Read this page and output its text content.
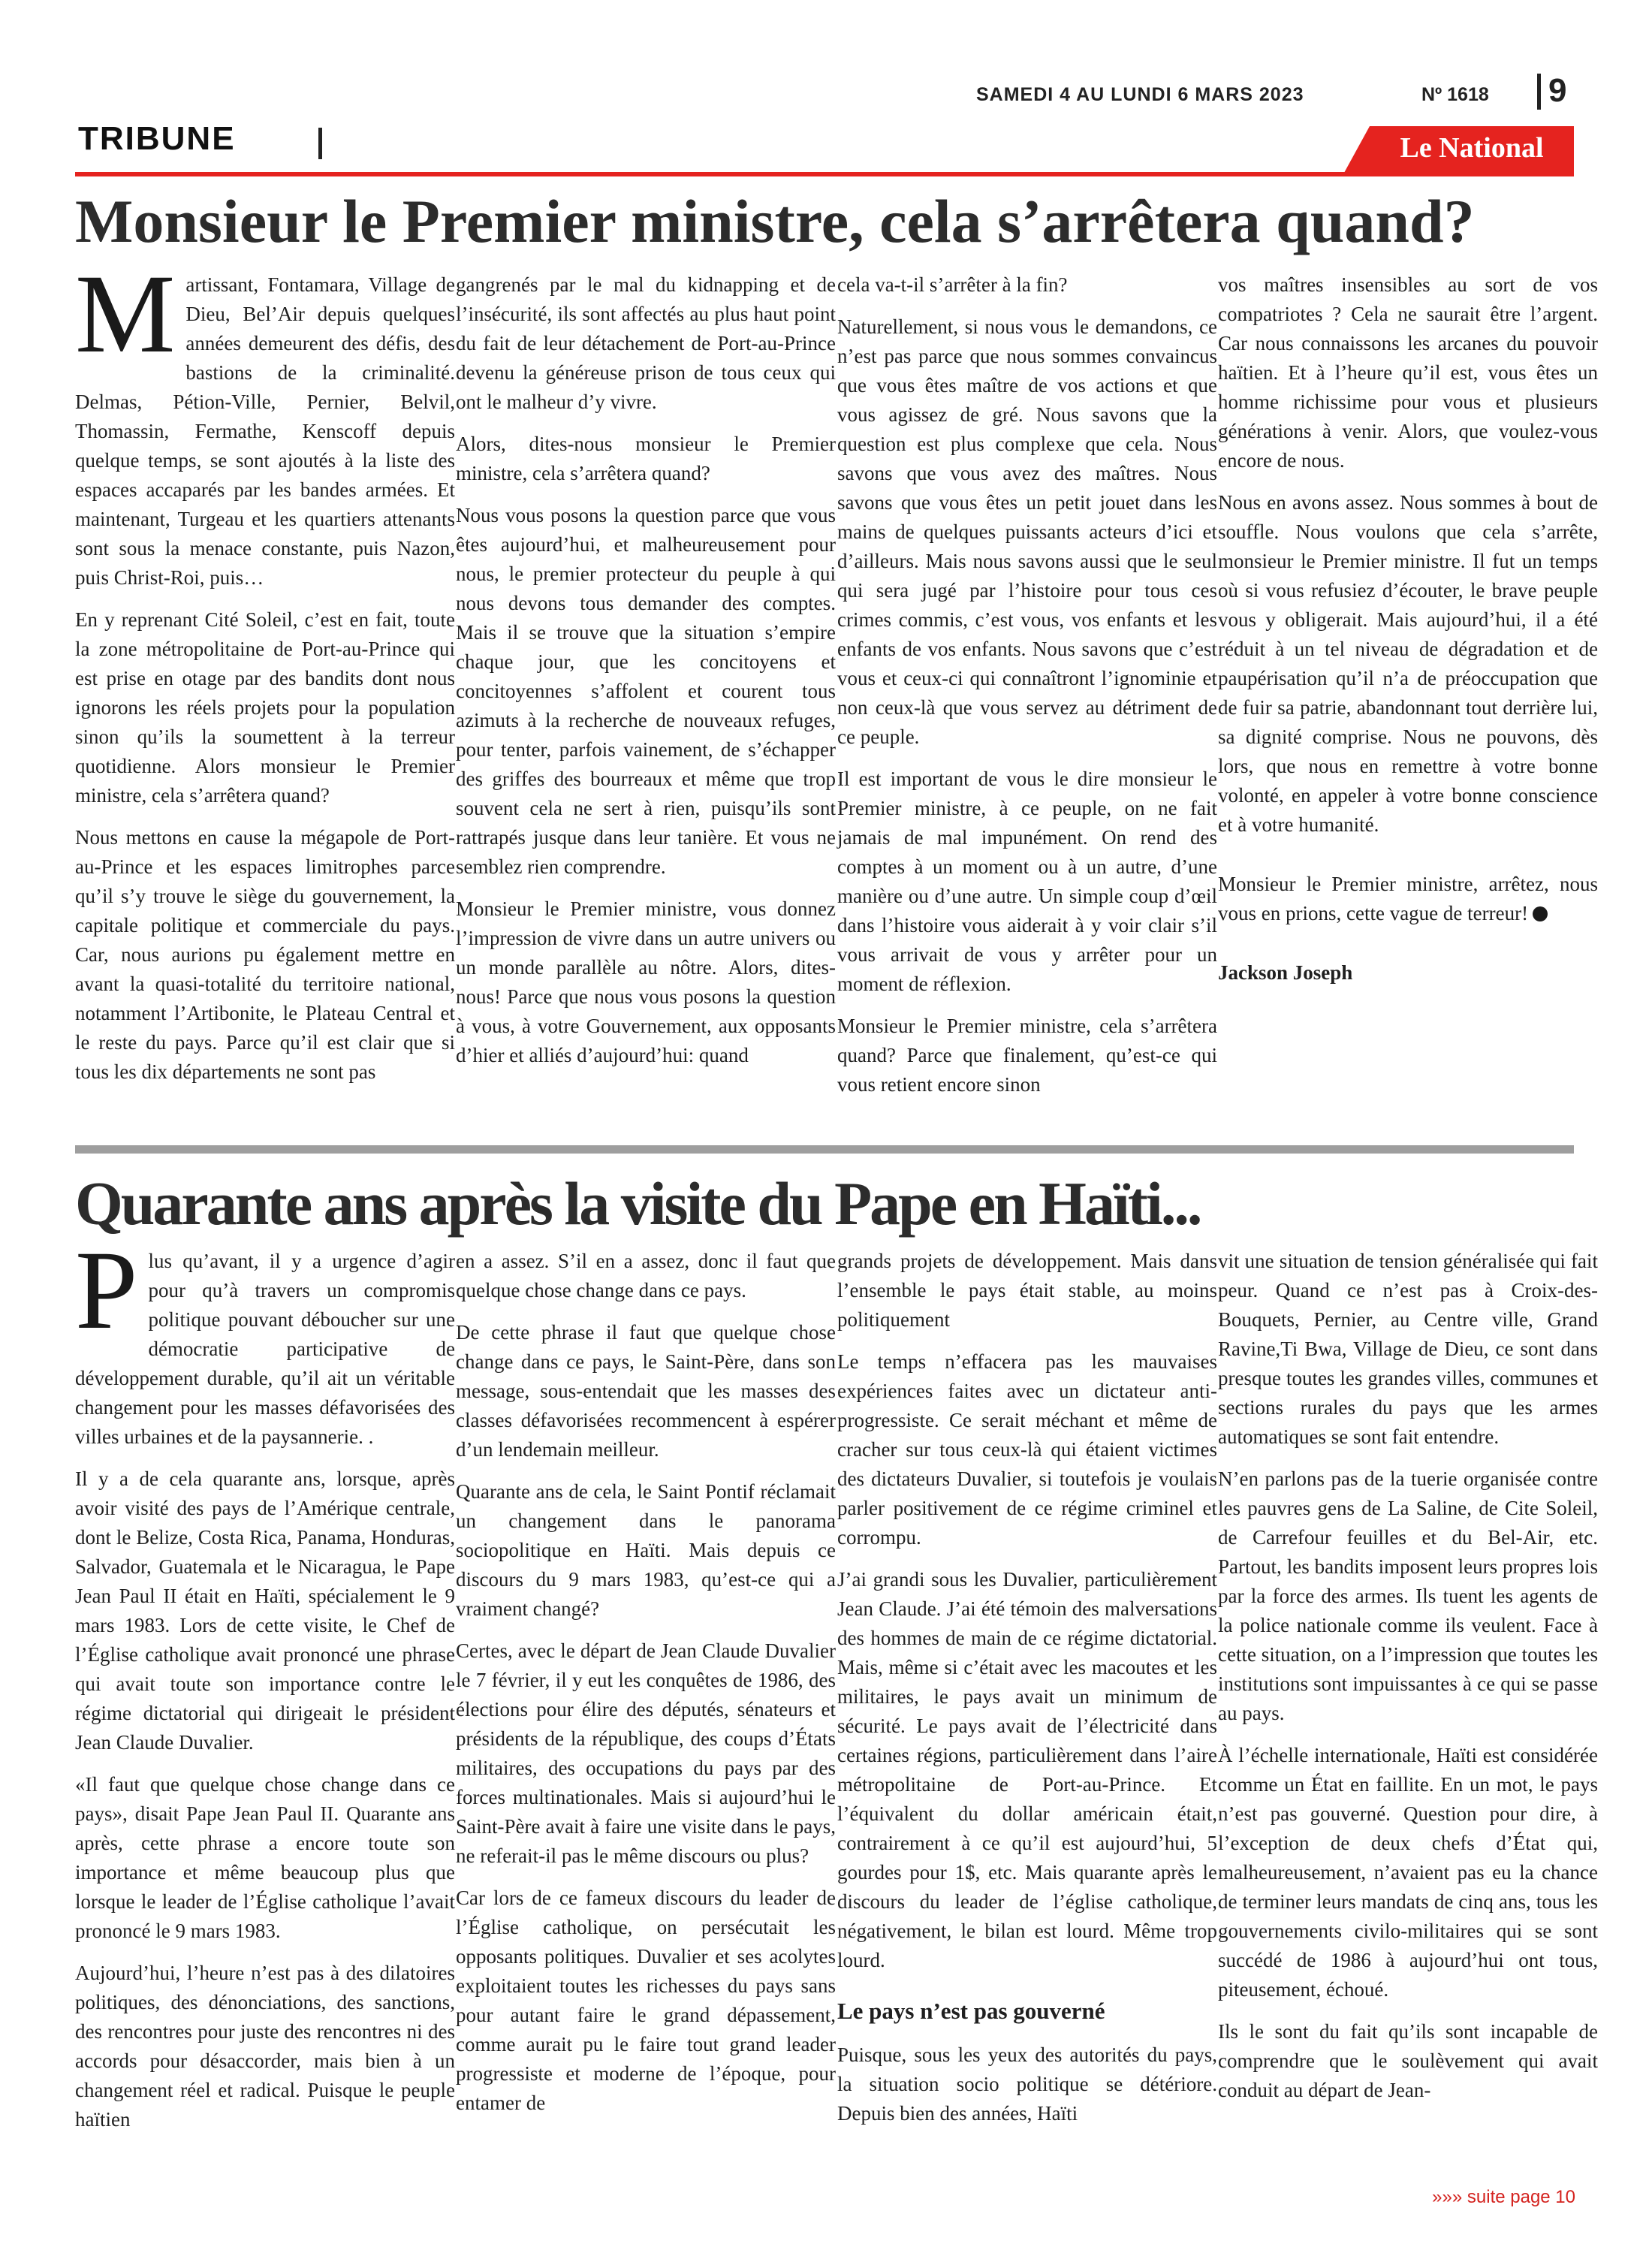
SAMEDI 4 AU LUNDI 6 MARS 2023	Nº 1618 9
TRIBUNE	Le National
Monsieur le Premier ministre, cela s’arrêtera quand?
M artissant, Fontamara, Village de Dieu, Bel’Air depuis quelques années demeurent des défis, des bastions de la criminalité. Delmas, Pétion-Ville, Pernier, Belvil, Thomassin, Fermathe, Kenscoff depuis quelque temps, se sont ajoutés à la liste des espaces accaparés par les bandes armées. Et maintenant, Turgeau et les quartiers attenants sont sous la menace constante, puis Nazon, puis Christ-Roi, puis…

En y reprenant Cité Soleil, c’est en fait, toute la zone métropolitaine de Port-au-Prince qui est prise en otage par des bandits dont nous ignorons les réels projets pour la population sinon qu’ils la soumettent à la terreur quotidienne. Alors monsieur le Premier ministre, cela s’arrêtera quand?

Nous mettons en cause la mégapole de Port-au-Prince et les espaces limitrophes parce qu’il s’y trouve le siège du gouvernement, la capitale politique et commerciale du pays. Car, nous aurions pu également mettre en avant la quasi-totalité du territoire national, notamment l’Artibonite, le Plateau Central et le reste du pays. Parce qu’il est clair que si tous les dix départements ne sont pas

gangrenés par le mal du kidnapping et de l’insécurité, ils sont affectés au plus haut point du fait de leur détachement de Port-au-Prince devenu la généreuse prison de tous ceux qui ont le malheur d’y vivre.

Alors, dites-nous monsieur le Premier ministre, cela s’arrêtera quand?

Nous vous posons la question parce que vous êtes aujourd’hui, et malheureusement pour nous, le premier protecteur du peuple à qui nous devons tous demander des comptes. Mais il se trouve que la situation s’empire chaque jour, que les concitoyens et concitoyennes s’affolent et courent tous azimuts à la recherche de nouveaux refuges, pour tenter, parfois vainement, de s’échapper des griffes des bourreaux et même que trop souvent cela ne sert à rien, puisqu’ils sont rattrapés jusque dans leur tanière. Et vous ne semblez rien comprendre.

Monsieur le Premier ministre, vous donnez l’impression de vivre dans un autre univers ou un monde parallèle au nôtre. Alors, dites-nous! Parce que nous vous posons la question à vous, à votre Gouvernement, aux opposants d’hier et alliés d’aujourd’hui: quand

cela va-t-il s’arrêter à la fin?

Naturellement, si nous vous le demandons, ce n’est pas parce que nous sommes convaincus que vous êtes maître de vos actions et que vous agissez de gré. Nous savons que la question est plus complexe que cela. Nous savons que vous avez des maîtres. Nous savons que vous êtes un petit jouet dans les mains de quelques puissants acteurs d’ici et d’ailleurs. Mais nous savons aussi que le seul qui sera jugé par l’histoire pour tous ces crimes commis, c’est vous, vos enfants et les enfants de vos enfants. Nous savons que c’est vous et ceux-ci qui connaîtront l’ignominie et non ceux-là que vous servez au détriment de ce peuple.

Il est important de vous le dire monsieur le Premier ministre, à ce peuple, on ne fait jamais de mal impunément. On rend des comptes à un moment ou à un autre, d’une manière ou d’une autre. Un simple coup d’œil dans l’histoire vous aiderait à y voir clair s’il vous arrivait de vous y arrêter pour un moment de réflexion.

Monsieur le Premier ministre, cela s’arrêtera quand? Parce que finalement, qu’est-ce qui vous retient encore sinon

vos maîtres insensibles au sort de vos compatriotes ? Cela ne saurait être l’argent. Car nous connaissons les arcanes du pouvoir haïtien. Et à l’heure qu’il est, vous êtes un homme richissime pour vous et plusieurs générations à venir. Alors, que voulez-vous encore de nous.

Nous en avons assez. Nous sommes à bout de souffle. Nous voulons que cela s’arrête, monsieur le Premier ministre. Il fut un temps où si vous refusiez d’écouter, le brave peuple vous y obligerait. Mais aujourd’hui, il a été réduit à un tel niveau de dégradation et de paupérisation qu’il n’a de préoccupation que de fuir sa patrie, abandonnant tout derrière lui, sa dignité comprise. Nous ne pouvons, dès lors, que nous en remettre à votre bonne volonté, en appeler à votre bonne conscience et à votre humanité.

Monsieur le Premier ministre, arrêtez, nous vous en prions, cette vague de terreur!

Jackson Joseph

Quarante ans après la visite du Pape en Haïti...
P lus qu’avant, il y a urgence d’agir pour qu’à travers un compromis politique pouvant déboucher sur une démocratie participative de développement durable, qu’il ait un véritable changement pour les masses défavorisées des villes urbaines et de la paysannerie. .

Il y a de cela quarante ans, lorsque, après avoir visité des pays de l’Amérique centrale, dont le Belize, Costa Rica, Panama, Honduras, Salvador, Guatemala et le Nicaragua, le Pape Jean Paul II était en Haïti, spécialement le 9 mars 1983. Lors de cette visite, le Chef de l’Église catholique avait prononcé une phrase qui avait toute son importance contre le régime dictatorial qui dirigeait le président Jean Claude Duvalier.

«Il faut que quelque chose change dans ce pays», disait Pape Jean Paul II. Quarante ans après, cette phrase a encore toute son importance et même beaucoup plus que lorsque le leader de l’Église catholique l’avait prononcé le 9 mars 1983.

Aujourd’hui, l’heure n’est pas à des dilatoires politiques, des dénonciations, des sanctions, des rencontres pour juste des rencontres ni des accords pour désaccorder, mais bien à un changement réel et radical. Puisque le peuple haïtien

en a assez. S’il en a assez, donc il faut que quelque chose change dans ce pays.

De cette phrase il faut que quelque chose change dans ce pays, le Saint-Père, dans son message, sous-entendait que les masses des classes défavorisées recommencent à espérer d’un lendemain meilleur.

Quarante ans de cela, le Saint Pontif réclamait un changement dans le panorama sociopolitique en Haïti. Mais depuis ce discours du 9 mars 1983, qu’est-ce qui a vraiment changé?

Certes, avec le départ de Jean Claude Duvalier le 7 février, il y eut les conquêtes de 1986, des élections pour élire des députés, sénateurs et présidents de la république, des coups d’États militaires, des occupations du pays par des forces multinationales. Mais si aujourd’hui le Saint-Père avait à faire une visite dans le pays, ne referait-il pas le même discours ou plus?

Car lors de ce fameux discours du leader de l’Église catholique, on persécutait les opposants politiques. Duvalier et ses acolytes exploitaient toutes les richesses du pays sans pour autant faire le grand dépassement, comme aurait pu le faire tout grand leader progressiste et moderne de l’époque, pour entamer de

grands projets de développement. Mais dans l’ensemble le pays était stable, au moins politiquement

Le temps n’effacera pas les mauvaises expériences faites avec un dictateur anti-progressiste. Ce serait méchant et même de cracher sur tous ceux-là qui étaient victimes des dictateurs Duvalier, si toutefois je voulais parler positivement de ce régime criminel et corrompu.

J’ai grandi sous les Duvalier, particulièrement Jean Claude. J’ai été témoin des malversations des hommes de main de ce régime dictatorial. Mais, même si c’était avec les macoutes et les militaires, le pays avait un minimum de sécurité. Le pays avait de l’électricité dans certaines régions, particulièrement dans l’aire métropolitaine de Port-au-Prince. Et l’équivalent du dollar américain était, contrairement à ce qu’il est aujourd’hui, 5 gourdes pour 1$, etc. Mais quarante après le discours du leader de l’église catholique, négativement, le bilan est lourd. Même trop lourd.

Le pays n’est pas gouverné

Puisque, sous les yeux des autorités du pays, la situation socio politique se détériore. Depuis bien des années, Haïti

vit une situation de tension généralisée qui fait peur. Quand ce n’est pas à Croix-des-Bouquets, Pernier, au Centre ville, Grand Ravine,Ti Bwa, Village de Dieu, ce sont dans presque toutes les grandes villes, communes et sections rurales du pays que les armes automatiques se sont fait entendre.

N’en parlons pas de la tuerie organisée contre les pauvres gens de La Saline, de Cite Soleil, de Carrefour feuilles et du Bel-Air, etc. Partout, les bandits imposent leurs propres lois par la force des armes. Ils tuent les agents de la police nationale comme ils veulent. Face à cette situation, on a l’impression que toutes les institutions sont impuissantes à ce qui se passe au pays.

À l’échelle internationale, Haïti est considérée comme un État en faillite. En un mot, le pays n’est pas gouverné. Question pour dire, à l’exception de deux chefs d’État qui, malheureusement, n’avaient pas eu la chance de terminer leurs mandats de cinq ans, tous les gouvernements civilo-militaires qui se sont succédé de 1986 à aujourd’hui ont tous, piteusement, échoué.

Ils le sont du fait qu’ils sont incapable de comprendre que le soulèvement qui avait conduit au départ de Jean-

»»» suite page 10
